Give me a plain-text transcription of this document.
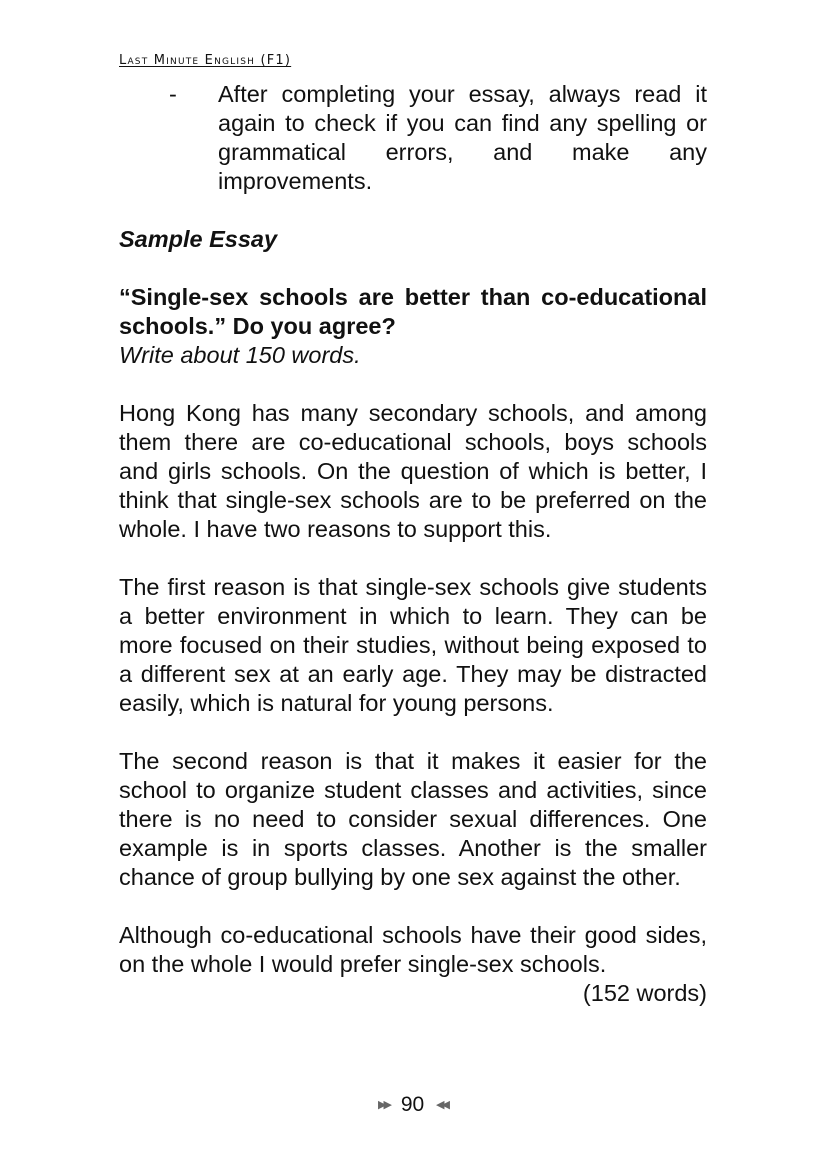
Last Minute English (F1)
- After completing your essay, always read it again to check if you can find any spelling or grammatical errors, and make any improvements.
Sample Essay
“Single-sex schools are better than co-educational schools.” Do you agree?
Write about 150 words.
Hong Kong has many secondary schools, and among them there are co-educational schools, boys schools and girls schools. On the question of which is better, I think that single-sex schools are to be preferred on the whole. I have two reasons to support this.
The first reason is that single-sex schools give students a better environment in which to learn. They can be more focused on their studies, without being exposed to a different sex at an early age. They may be distracted easily, which is natural for young persons.
The second reason is that it makes it easier for the school to organize student classes and activities, since there is no need to consider sexual differences. One example is in sports classes. Another is the smaller chance of group bullying by one sex against the other.
Although co-educational schools have their good sides, on the whole I would prefer single-sex schools.
(152 words)
▶▶ 90 ◀◀
